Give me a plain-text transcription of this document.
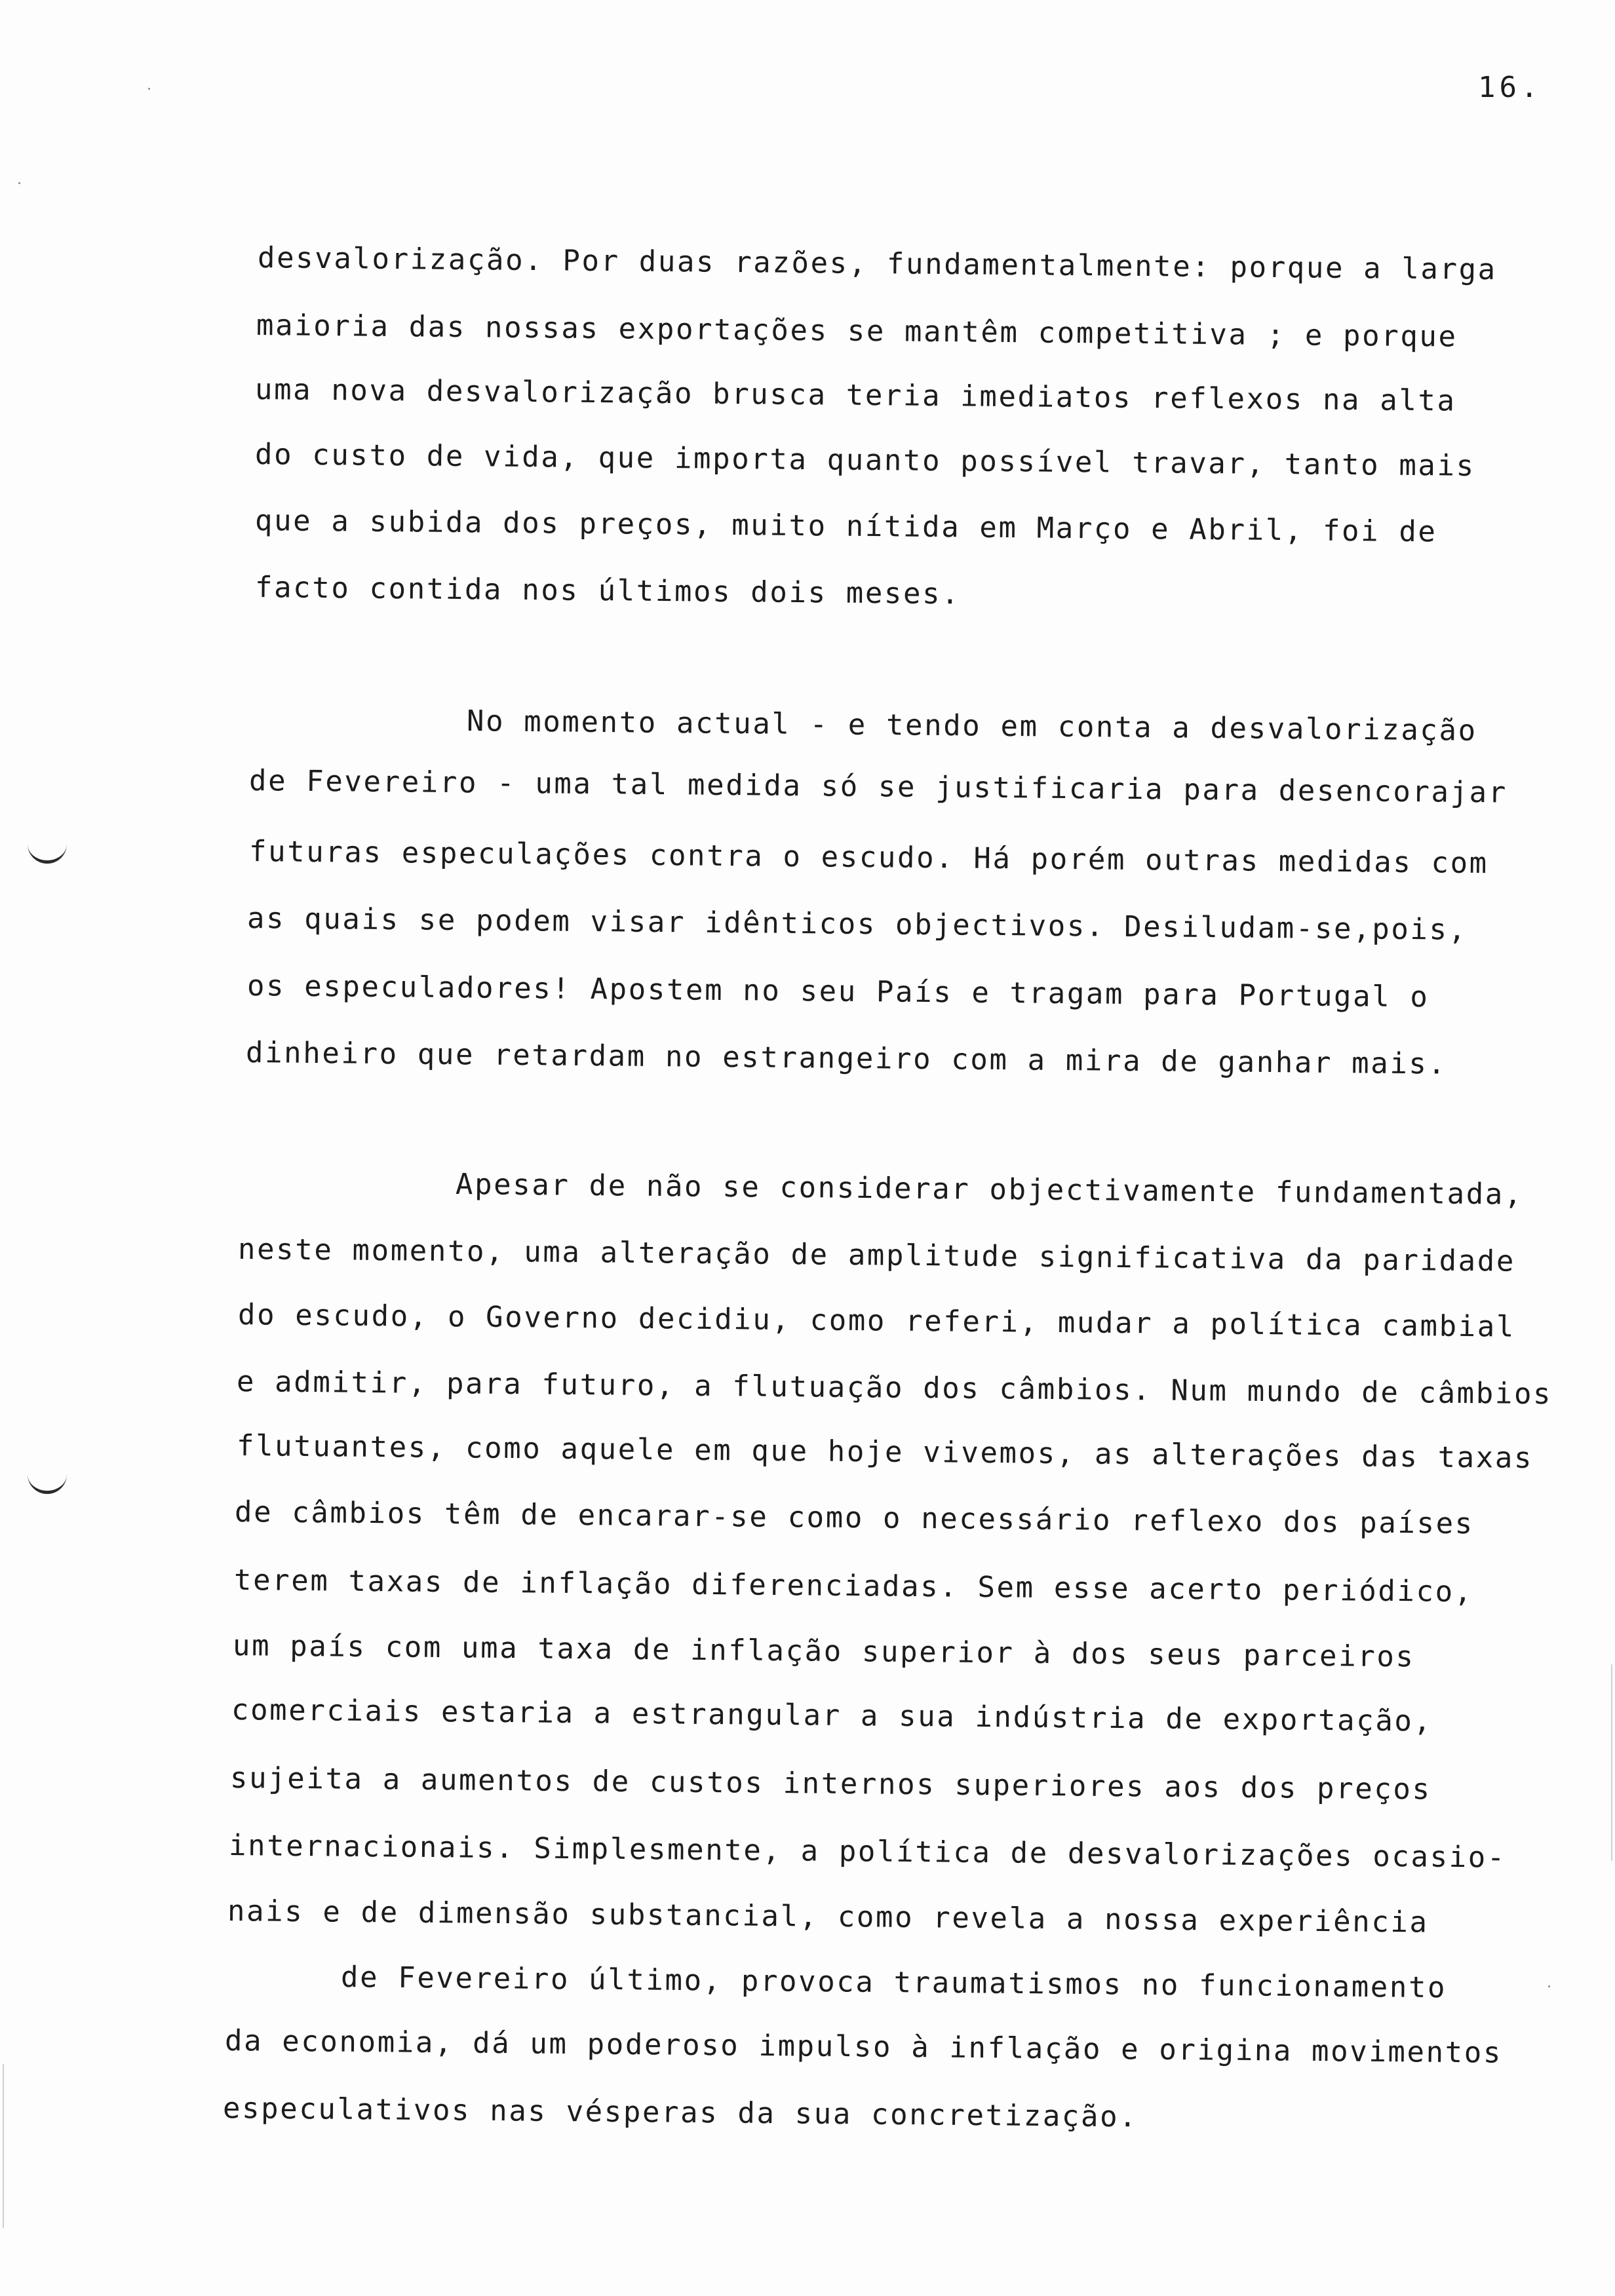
16.
desvalorização. Por duas razões, fundamentalmente: porque a larga
maioria das nossas exportações se mantêm competitiva ; e porque
uma nova desvalorização brusca teria imediatos reflexos na alta
do custo de vida, que importa quanto possível travar, tanto mais
que a subida dos preços, muito nítida em Março e Abril, foi de
facto contida nos últimos dois meses.
No momento actual - e tendo em conta a desvalorização
de Fevereiro - uma tal medida só se justificaria para desencorajar
futuras especulações contra o escudo. Há porém outras medidas com
as quais se podem visar idênticos objectivos. Desiludam-se,pois,
os especuladores! Apostem no seu País e tragam para Portugal o
dinheiro que retardam no estrangeiro com a mira de ganhar mais.
Apesar de não se considerar objectivamente fundamentada,
neste momento, uma alteração de amplitude significativa da paridade
do escudo, o Governo decidiu, como referi, mudar a política cambial
e admitir, para futuro, a flutuação dos câmbios. Num mundo de câmbios
flutuantes, como aquele em que hoje vivemos, as alterações das taxas
de câmbios têm de encarar-se como o necessário reflexo dos países
terem taxas de inflação diferenciadas. Sem esse acerto periódico,
um país com uma taxa de inflação superior à dos seus parceiros
comerciais estaria a estrangular a sua indústria de exportação,
sujeita a aumentos de custos internos superiores aos dos preços
internacionais. Simplesmente, a política de desvalorizações ocasio-
nais e de dimensão substancial, como revela a nossa experiência
de Fevereiro último, provoca traumatismos no funcionamento
da economia, dá um poderoso impulso à inflação e origina movimentos
especulativos nas vésperas da sua concretização.
